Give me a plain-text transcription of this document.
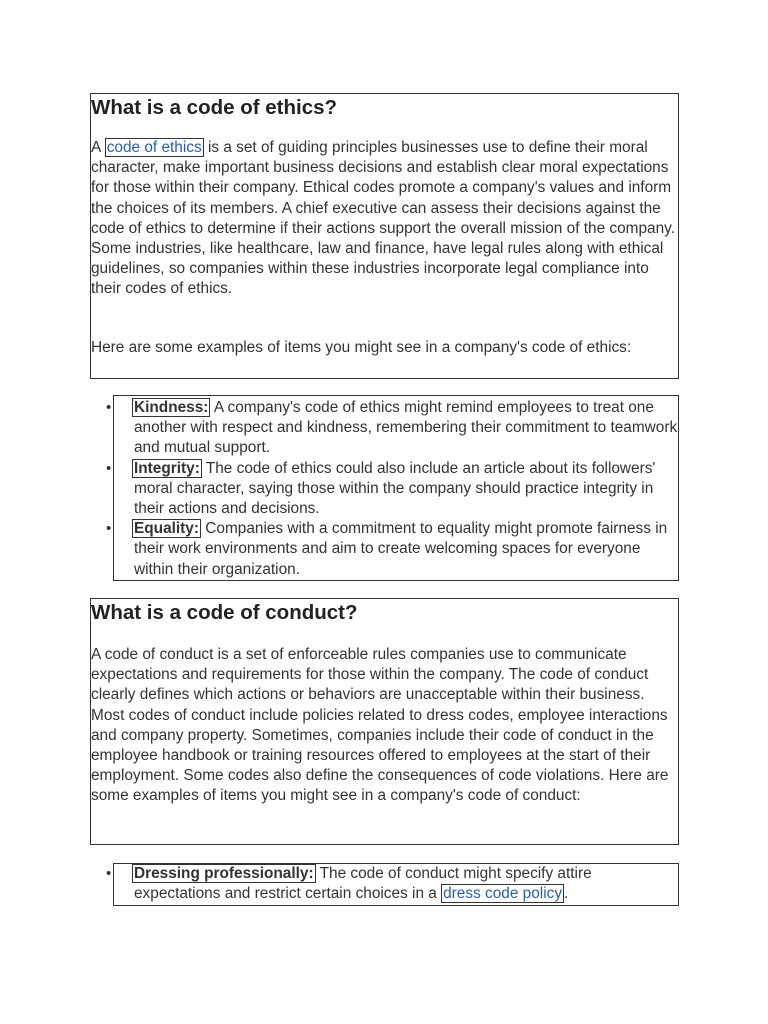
What is a code of ethics?

A code of ethics is a set of guiding principles businesses use to define their moral character, make important business decisions and establish clear moral expectations for those within their company. Ethical codes promote a company's values and inform the choices of its members. A chief executive can assess their decisions against the code of ethics to determine if their actions support the overall mission of the company. Some industries, like healthcare, law and finance, have legal rules along with ethical guidelines, so companies within these industries incorporate legal compliance into their codes of ethics.

Here are some examples of items you might see in a company's code of ethics:

• Kindness: A company's code of ethics might remind employees to treat one another with respect and kindness, remembering their commitment to teamwork and mutual support.
• Integrity: The code of ethics could also include an article about its followers' moral character, saying those within the company should practice integrity in their actions and decisions.
• Equality: Companies with a commitment to equality might promote fairness in their work environments and aim to create welcoming spaces for everyone within their organization.
What is a code of conduct?

A code of conduct is a set of enforceable rules companies use to communicate expectations and requirements for those within the company. The code of conduct clearly defines which actions or behaviors are unacceptable within their business. Most codes of conduct include policies related to dress codes, employee interactions and company property. Sometimes, companies include their code of conduct in the employee handbook or training resources offered to employees at the start of their employment. Some codes also define the consequences of code violations. Here are some examples of items you might see in a company's code of conduct:

• Dressing professionally: The code of conduct might specify attire expectations and restrict certain choices in a dress code policy .
